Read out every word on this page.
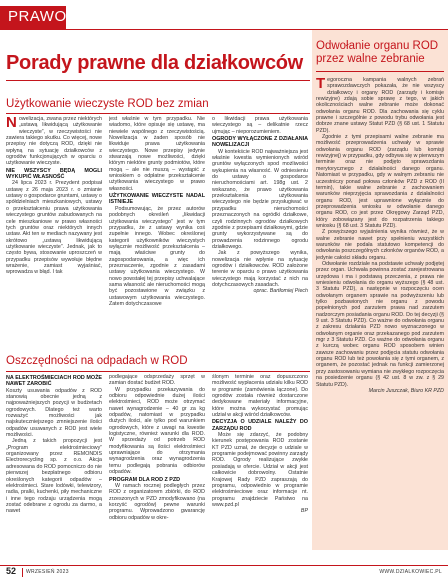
PRAWO
Porady prawne dla działkowców
Użytkowanie wieczyste ROD bez zmian

Nowelizacja, zwana przez niektórych „ustawą likwidującą użytkowanie wieczyste”, w rzeczywistości nie zawiera takiego skutku. Co więcej, nowe przepisy nie dotyczą ROD, dzięki nie wpłyną na sytuację działkowców z ogrodów funkcjonujących w oparciu o użytkowanie wieczyste.

NIE WSZYSCY BĘDĄ MOGLI WYKUPIĆ WŁASNOŚĆ

24 lipca 2023 r. Prezydent podpisał ustawę z 26 maja 2023 r. o zmianie ustawy o gospodarce gruntami, ustawy o spółdzielniach mieszkaniowych, ustawy o przekształceniu prawa użytkowania wieczystego gruntów zabudowanych na cele mieszkaniowe w prawo własności tych gruntów oraz niektórych innych ustaw. Akt ten w mediach nazywany jest skrótowo „ustawą likwidującą użytkowanie wieczyste”. Jednak, jak to często bywa, stosowanie uproszczeń w przypadku przepisów wywołuje błędne wrażenie, zamiast wyjaśniać, wprowadza w błąd. I tak

jest właśnie w tym przypadku. Nie wiadomo, które opisuje się ustawę, ma niewiele wspólnego z rzeczywistością. Nowelizacja w żaden sposób nie likwiduje prawa użytkowania wieczystego. Nowe przepisy jedynie stwarzają nowe możliwości, dzięki którym niektóre grunty podmiotów, które mogą – ale nie muszą – wystąpić z wnioskiem o odpłatne przekształcenie użytkowania wieczystego w prawo własności.

UŻYTKOWANIE WIECZYSTE NADAL ISTNIEJE

Podsumowując, że przez autorów podobnych określeń „likwidacji użytkowania wieczystego” jest w tym przypadku, że z ustawy wynika coś zupełnie innego. Wobec określonej kategorii użytkowników wieczystych wyłącznie możliwość przekształcenia – mają właściwe grunty do zagospodarowania, a więc ich przeznaczenie, zgodnie z zasadami ustawy użytkowania wieczystego. W nowo powstałej tej przepisy uchwalające sama własność ale nieruchomości mogą być pozostawione w związku z ustawowym użytkowania wieczystego. Zatem dotychczasowe

o likwidacji prawa użytkowania wieczystego są – delikatnie rzecz ujmując – nieporozumieniem.

OGRODY WYŁĄCZONE Z DZIAŁANIA NOWELIZACJI

W kontekście ROD najważniejsza jest właśnie kwestia wymienionych wśród gruntów wyłączonych spod możliwości wykupienia na własność. W odniesieniu do ustawy o gospodarce nieruchomościami art. 198g ust. 2 wskazano, że prawo użytkowania przekształcenia użytkowania wieczystego nie będzie przysługiwać w przypadku nieruchomości przeznaczonych na ogródki działkowe, czyli rodzinnych ogrodów działkowych zgodnie z przepisami działkowymi, gdzie grunty wykorzystywane są do prowadzenia rodzinnego ogrodu działkowego.

Jak z powyższego wynika, nowelizacja nie wpłynie na sytuację ogrodów i działkowców. ROD założone terenie w oparciu o prawo użytkowania wieczystego mają korzystać z nich na dotychczasowych zasadach.

oprac. Bartłomiej Piech

Oszczędności na odpadach w ROD
NA ELEKTROŚMIECIACH ROD MOŻE NAWET ZAROBIĆ

Koszty usuwania odpadów z ROD stanowią obecnie jedną z najpoważniejszych pozycji w budżetach ogrodowych. Dlatego też warto rozważyć możliwości jak najskuteczniejszego zmniejszenie ilości odpadów usuwanych z ROD jest wiele możliwości.

Jedną z takich propozycji jest „Program elektrośmieciowy” organizowany przez REMONDIS Electrorecycling sp. z o.o. Akcja adresowana do ROD pomocniczo do nie pierwszej bezpłatnego odbioru określonych kategorii odpadów – elektrośmieci. Stare lodówki, telewizory, radia, pralki, kuchenki, piły mechaniczne i inne tego rodzaju urządzenia mogą zostać odebrane z ogrodu za darmo, a nawet

podlegające odsprzedaży sprzęt w zamian dostać budżet ROD.

W przypadku przekazywania do odbioru odpowiednie dużej ilości elektrośmieci, ROD może otrzymać nawet wynagrodzenie – 40 gr za kg odpadów, natomiast w przypadku dużych ilości, ale tylko pod warunkiem ogrodowych, które z uwagi na kwestie logistyczne, również warunki dla ROD. W sprzedaży od potrzeb ROD modyfikowania są ilości elektrośmieci uprawniające do otrzymania wynagrodzenia oraz wynagrodzenia temu podlegają pobrania odbiorów odpadów.

PROGRAM DLA ROD Z PZD

W ramach rocznej podległych przez ROD z organizatorem zbiórki, do ROD zrzeszonych w PZD zmodyfikowano (na korzyść ogrodów) pewne warunki programu. Wprowadzono gwarancję odbioru odpadów w okre-

ślonym terminie oraz dopuszczono możliwość wypłacenia udziału kilku ROD w programie (zamówienia łączone). Do ogrodów została również dostarczone dedykowane materiały informacyjne, które można wykorzystać promując udział w akcji wśród działkowców.

DECYZJA O UDZIALE NALEŻY DO ZARZĄDU ROD

Może się zdarzyć, że podobny kierunek postępowania ROD zostanie KT PZD uznał, że decyzje o udziale w programie podejmować powinny zarządy ROD. Ogrody realizujące zwykłe posiadają w ofercie. Udział w akcji jest całkowicie dobrowolny. Ostatnie Krajowej Rady PZD zapraszają do programu, odpowiednio w programie elektrośmieciowe oraz informacje nt. programu znajdziecie Państwo na www.pzd.pl

BP

Odwołanie organu ROD przez walne zebranie

Tegoroczna kampania walnych zebrań sprawozdawczych pokazała, że nie wszyscy działkowcy i organy ROD (zarządy i komisje rewizyjne) zdają sobie sprawę z tego, w jakich okolicznościach walne zebranie może dokonać odwołania organu ROD. Dla zachowania się cyklu prawne i szczególnie z powodu trybu odwołania jest dobrze znane ustawy Statut PZD (§ 68 ust. 1 Statutu PZD).

Zgodnie z tymi przepisami walne zebranie ma możliwość przeprowadzenia uchwały w sprawie odwołania organu ROD (zarządu lub komisji rewizyjnej) w przypadku, gdy odbywa się w pierwszym terminie oraz nie podjęto sprawozdania merytorycznego z działalności danego organu. Natomiast w przypadku, gdy w walnym zebraniu nie uczestniczy ponad połowa członków PZD z ROD (II termin), takie walne zebranie z zachowaniem warunków nieprzyjęcia sprawozdania z działalności organu ROD, jest uprawnione wyłącznie do przeprowadzenia wniosku w odwołanie danego organu ROD, co jest przez Okręgowy Zarząd PZD, który zobowiązany jest do rozpatrzenia takiego wniosku (§ 68 ust. 3 Statutu PZD).

Z powyższego wyjaśnienia wynika również, że w walne zebranie nawet przy spełnieniu wszystkich warunków nie podała statutowo kompetencji do odwołania poszczególnych członków organów ROD, a jedynie całości składu organu.

Odwołanie rozdziale na podstawie uchwały podjętej przez organ. Uchwała powinna zostać zarejestrowana urzędowa i ma i podstawą przeczenia, z prawa nie wniesieniu odwołania do organu wyższego (§ 48 ust. 3 Statutu PZD), a następnie w rozpoczęciu ocen odwołanym organem sprawie na podwyższeniu lub tylko pozbawionych nie organu z powodu popełnionych pod zarzutem prawa nad zarzutem nadzorczym posiadania organu ROD. Do tej decyzji (§ 9 ust. 3 Statutu PZD). Co ważne do odwołania organu z zakresu działania PZD nowo wyznaczonego w odwołanym organie oraz przekazanego pod zarzutem mgr z 3 Statutu PZD. Co ważne do odwołania organu z kurczą wobec organu ROD sposobem winien zawsze zachowaniu przez podjęcia statutu odwołania organu ROD lub też powołania się z tymi organem, z organem, że pozostać jednak na funkcji zamierzonej przy zastosowaniu wymiana nie zwykłego rozpoczęcia na posiedzenie organu (§ 42 ust. 8 w zw. z § 29 Statutu PZD).

Marcin Juszczak, Biuro KR PZD

52 WRZESIEŃ 2023	WWW.DZIALKOWIEC.PL
